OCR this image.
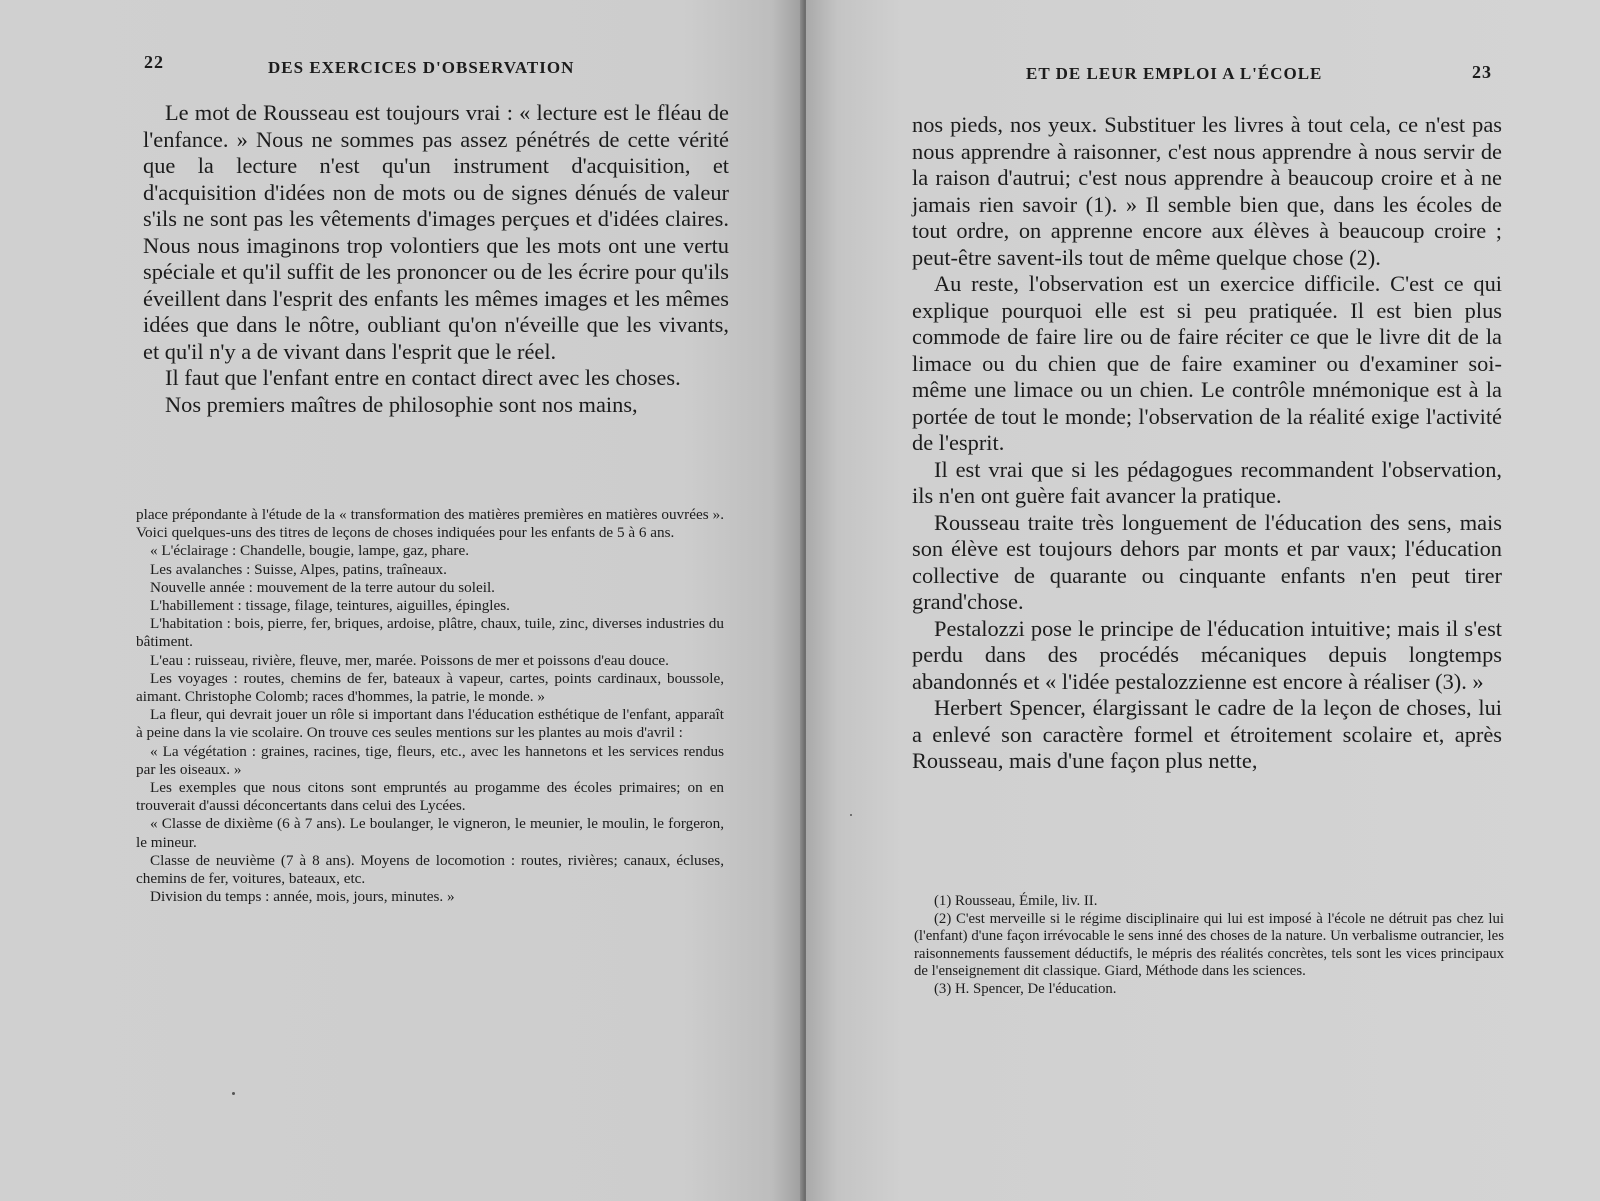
22	DES EXERCICES D'OBSERVATION

Le mot de Rousseau est toujours vrai : « lecture est le fléau de l'enfance. » Nous ne sommes pas assez pénétrés de cette vérité que la lecture n'est qu'un instrument d'acquisition, et d'acquisition d'idées non de mots ou de signes dénués de valeur s'ils ne sont pas les vêtements d'images perçues et d'idées claires. Nous nous imaginons trop volontiers que les mots ont une vertu spéciale et qu'il suffit de les prononcer ou de les écrire pour qu'ils éveillent dans l'esprit des enfants les mêmes images et les mêmes idées que dans le nôtre, oubliant qu'on n'éveille que les vivants, et qu'il n'y a de vivant dans l'esprit que le réel.

Il faut que l'enfant entre en contact direct avec les choses.

Nos premiers maîtres de philosophie sont nos mains,

place prépondante à l'étude de la « transformation des matières premières en matières ouvrées ». Voici quelques-uns des titres de leçons de choses indiquées pour les enfants de 5 à 6 ans.

« L'éclairage : Chandelle, bougie, lampe, gaz, phare.

Les avalanches : Suisse, Alpes, patins, traîneaux.

Nouvelle année : mouvement de la terre autour du soleil.

L'habillement : tissage, filage, teintures, aiguilles, épingles.

L'habitation : bois, pierre, fer, briques, ardoise, plâtre, chaux, tuile, zinc, diverses industries du bâtiment.

L'eau : ruisseau, rivière, fleuve, mer, marée. Poissons de mer et poissons d'eau douce.

Les voyages : routes, chemins de fer, bateaux à vapeur, cartes, points cardinaux, boussole, aimant. Christophe Colomb; races d'hommes, la patrie, le monde. »

La fleur, qui devrait jouer un rôle si important dans l'éducation esthétique de l'enfant, apparaît à peine dans la vie scolaire. On trouve ces seules mentions sur les plantes au mois d'avril :

« La végétation : graines, racines, tige, fleurs, etc., avec les hannetons et les services rendus par les oiseaux. »

Les exemples que nous citons sont empruntés au progamme des écoles primaires; on en trouverait d'aussi déconcertants dans celui des Lycées.

« Classe de dixième (6 à 7 ans). Le boulanger, le vigneron, le meunier, le moulin, le forgeron, le mineur.

Classe de neuvième (7 à 8 ans). Moyens de locomotion : routes, rivières; canaux, écluses, chemins de fer, voitures, bateaux, etc.

Division du temps : année, mois, jours, minutes. »

ET DE LEUR EMPLOI A L'ÉCOLE	23

nos pieds, nos yeux. Substituer les livres à tout cela, ce n'est pas nous apprendre à raisonner, c'est nous apprendre à nous servir de la raison d'autrui; c'est nous apprendre à beaucoup croire et à ne jamais rien savoir (1). » Il semble bien que, dans les écoles de tout ordre, on apprenne encore aux élèves à beaucoup croire ; peut-être savent-ils tout de même quelque chose (2).

Au reste, l'observation est un exercice difficile. C'est ce qui explique pourquoi elle est si peu pratiquée. Il est bien plus commode de faire lire ou de faire réciter ce que le livre dit de la limace ou du chien que de faire examiner ou d'examiner soi-même une limace ou un chien. Le contrôle mnémonique est à la portée de tout le monde; l'observation de la réalité exige l'activité de l'esprit.

Il est vrai que si les pédagogues recommandent l'observation, ils n'en ont guère fait avancer la pratique.

Rousseau traite très longuement de l'éducation des sens, mais son élève est toujours dehors par monts et par vaux; l'éducation collective de quarante ou cinquante enfants n'en peut tirer grand'chose.

Pestalozzi pose le principe de l'éducation intuitive; mais il s'est perdu dans des procédés mécaniques depuis longtemps abandonnés et « l'idée pestalozzienne est encore à réaliser (3). »

Herbert Spencer, élargissant le cadre de la leçon de choses, lui a enlevé son caractère formel et étroitement scolaire et, après Rousseau, mais d'une façon plus nette,

(1) Rousseau, Émile, liv. II.

(2) C'est merveille si le régime disciplinaire qui lui est imposé à l'école ne détruit pas chez lui (l'enfant) d'une façon irrévocable le sens inné des choses de la nature. Un verbalisme outrancier, les raisonnements faussement déductifs, le mépris des réalités concrètes, tels sont les vices principaux de l'enseignement dit classique. Giard, Méthode dans les sciences.

(3) H. Spencer, De l'éducation.
